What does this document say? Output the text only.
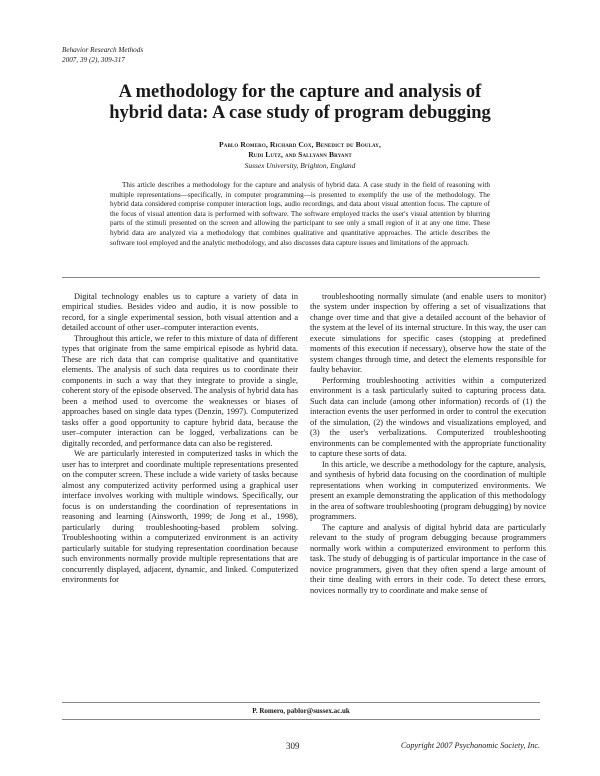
Behavior Research Methods
2007, 39 (2), 309-317
A methodology for the capture and analysis of
hybrid data: A case study of program debugging
Pablo Romero, Richard Cox, Benedict du Boulay,
Rudi Lutz, and Sallyann Bryant
Sussex University, Brighton, England

This article describes a methodology for the capture and analysis of hybrid data. A case study in the field of reasoning with multiple representations—specifically, in computer programming—is presented to exemplify the use of the methodology. The hybrid data considered comprise computer interaction logs, audio recordings, and data about visual attention focus. The capture of the focus of visual attention data is performed with software. The software employed tracks the user's visual attention by blurring parts of the stimuli presented on the screen and allowing the participant to see only a small region of it at any one time. These hybrid data are analyzed via a methodology that combines qualitative and quantitative approaches. The article describes the software tool employed and the analytic methodology, and also discusses data capture issues and limitations of the approach.

Digital technology enables us to capture a variety of data in empirical studies. Besides video and audio, it is now possible to record, for a single experimental session, both visual attention and a detailed account of other user–computer interaction events.

Throughout this article, we refer to this mixture of data of different types that originate from the same empirical episode as hybrid data. These are rich data that can comprise qualitative and quantitative elements. The analysis of such data requires us to coordinate their components in such a way that they integrate to provide a single, coherent story of the episode observed. The analysis of hybrid data has been a method used to overcome the weaknesses or biases of approaches based on single data types (Denzin, 1997). Computerized tasks offer a good opportunity to capture hybrid data, because the user–computer interaction can be logged, verbalizations can be digitally recorded, and performance data can also be registered.

We are particularly interested in computerized tasks in which the user has to interpret and coordinate multiple representations presented on the computer screen. These include a wide variety of tasks because almost any computerized activity performed using a graphical user interface involves working with multiple windows. Specifically, our focus is on understanding the coordination of representations in reasoning and learning (Ainsworth, 1999; de Jong et al., 1998), particularly during troubleshooting-based problem solving. Troubleshooting within a computerized environment is an activity particularly suitable for studying representation coordination because such environments normally provide multiple representations that are concurrently displayed, adjacent, dynamic, and linked. Computerized environments for

troubleshooting normally simulate (and enable users to monitor) the system under inspection by offering a set of visualizations that change over time and that give a detailed account of the behavior of the system at the level of its internal structure. In this way, the user can execute simulations for specific cases (stopping at predefined moments of this execution if necessary), observe how the state of the system changes through time, and detect the elements responsible for faulty behavior.

Performing troubleshooting activities within a computerized environment is a task particularly suited to capturing process data. Such data can include (among other information) records of (1) the interaction events the user performed in order to control the execution of the simulation, (2) the windows and visualizations employed, and (3) the user's verbalizations. Computerized troubleshooting environments can be complemented with the appropriate functionality to capture these sorts of data.

In this article, we describe a methodology for the capture, analysis, and synthesis of hybrid data focusing on the coordination of multiple representations when working in computerized environments. We present an example demonstrating the application of this methodology in the area of software troubleshooting (program debugging) by novice programmers.

The capture and analysis of digital hybrid data are particularly relevant to the study of program debugging because programmers normally work within a computerized environment to perform this task. The study of debugging is of particular importance in the case of novice programmers, given that they often spend a large amount of their time dealing with errors in their code. To detect these errors, novices normally try to coordinate and make sense of

P. Romero, pablor@sussex.ac.uk
309	Copyright 2007 Psychonomic Society, Inc.
